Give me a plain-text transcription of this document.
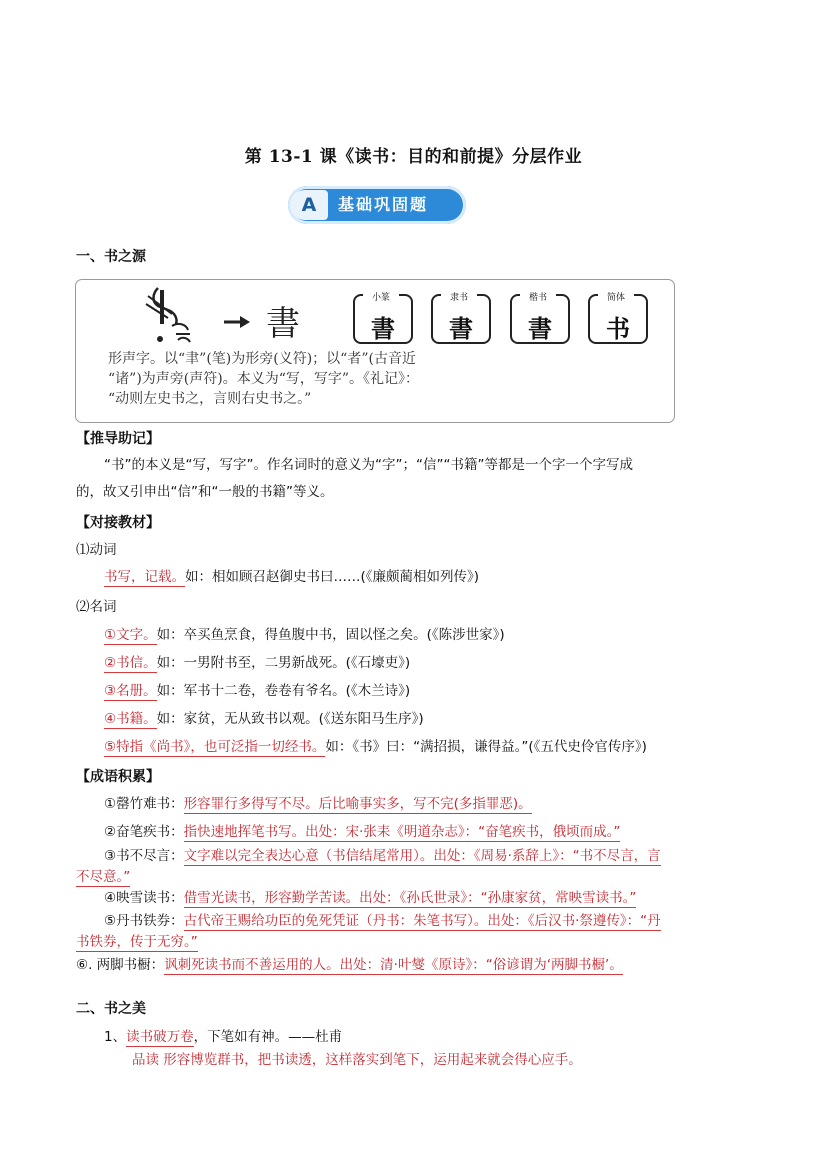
第 13-1 课《读书：目的和前提》分层作业
A	基础巩固题
一、书之源
書
小篆
書
隶书
書
楷书
書
简体
书
形声字。以“聿”(笔)为形旁(义符)；以“者”(古音近
“诸”)为声旁(声符)。本义为“写，写字”。《礼记》：
“动则左史书之，言则右史书之。”
【推导助记】
“书”的本义是“写，写字”。作名词时的意义为“字”；“信”“书籍”等都是一个字一个字写成
的，故又引申出“信”和“一般的书籍”等义。
【对接教材】
⑴动词
书写，记载。如：相如顾召赵御史书曰……(《廉颇蔺相如列传》)
⑵名词
①文字。如：卒买鱼烹食，得鱼腹中书，固以怪之矣。(《陈涉世家》)
②书信。如：一男附书至，二男新战死。(《石壕吏》)
③名册。如：军书十二卷，卷卷有爷名。(《木兰诗》)
④书籍。如：家贫，无从致书以观。(《送东阳马生序》)
⑤特指《尚书》，也可泛指一切经书。如：《书》曰：“满招损，谦得益。”(《五代史伶官传序》)
【成语积累】
①罄竹难书：形容罪行多得写不尽。后比喻事实多，写不完(多指罪恶)。
②奋笔疾书：指快速地挥笔书写。出处：宋·张耒《明道杂志》：“奋笔疾书，俄顷而成。”
③书不尽言：文字难以完全表达心意（书信结尾常用）。出处：《周易·系辞上》：“书不尽言，言
不尽意。”
④映雪读书：借雪光读书，形容勤学苦读。出处：《孙氏世录》：“孙康家贫，常映雪读书。”
⑤丹书铁券：古代帝王赐给功臣的免死凭证（丹书：朱笔书写）。出处：《后汉书·祭遵传》：“丹
书铁券，传于无穷。”
⑥. 两脚书橱：讽刺死读书而不善运用的人。出处：清·叶燮《原诗》：“俗谚谓为‘两脚书橱’。
二、书之美
1、读书破万卷，下笔如有神。——杜甫
品读 形容博览群书，把书读透，这样落实到笔下，运用起来就会得心应手。
